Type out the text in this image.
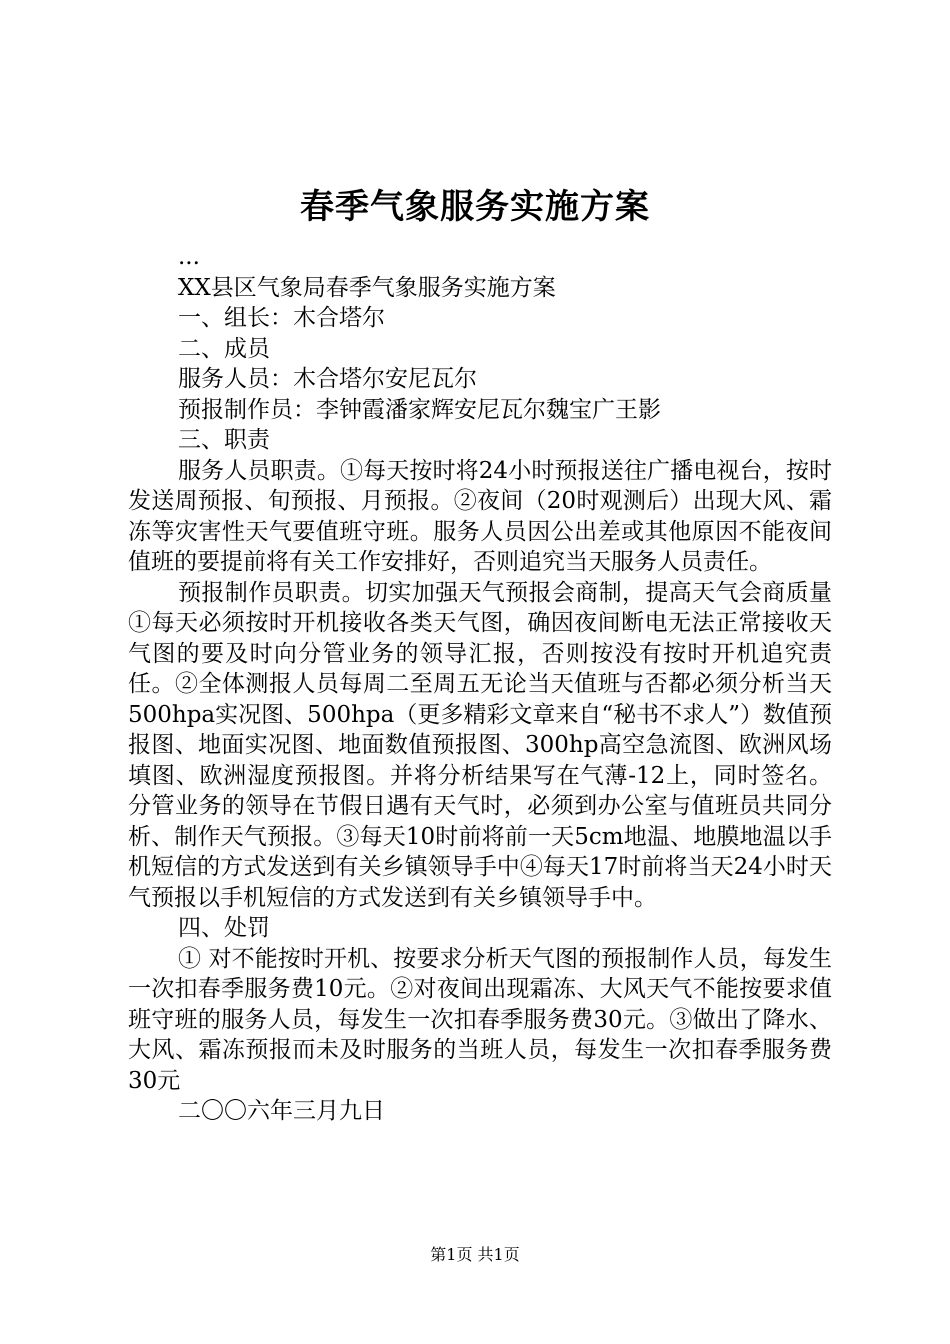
春季气象服务实施方案

...

XX县区气象局春季气象服务实施方案

一、组长：木合塔尔

二、成员

服务人员：木合塔尔安尼瓦尔

预报制作员：李钟霞潘家辉安尼瓦尔魏宝广王影

三、职责

服务人员职责。①每天按时将24小时预报送往广播电视台，按时发送周预报、旬预报、月预报。②夜间（20时观测后）出现大风、霜冻等灾害性天气要值班守班。服务人员因公出差或其他原因不能夜间值班的要提前将有关工作安排好，否则追究当天服务人员责任。

预报制作员职责。切实加强天气预报会商制，提高天气会商质量①每天必须按时开机接收各类天气图，确因夜间断电无法正常接收天气图的要及时向分管业务的领导汇报，否则按没有按时开机追究责任。②全体测报人员每周二至周五无论当天值班与否都必须分析当天500hpa实况图、500hpa（更多精彩文章来自“秘书不求人”）数值预报图、地面实况图、地面数值预报图、300hp高空急流图、欧洲风场填图、欧洲湿度预报图。并将分析结果写在气薄-12上，同时签名。分管业务的领导在节假日遇有天气时，必须到办公室与值班员共同分析、制作天气预报。③每天10时前将前一天5cm地温、地膜地温以手机短信的方式发送到有关乡镇领导手中④每天17时前将当天24小时天气预报以手机短信的方式发送到有关乡镇领导手中。

四、处罚

① 对不能按时开机、按要求分析天气图的预报制作人员，每发生一次扣春季服务费10元。②对夜间出现霜冻、大风天气不能按要求值班守班的服务人员，每发生一次扣春季服务费30元。③做出了降水、大风、霜冻预报而未及时服务的当班人员，每发生一次扣春季服务费30元

二〇〇六年三月九日

第1页 共1页
